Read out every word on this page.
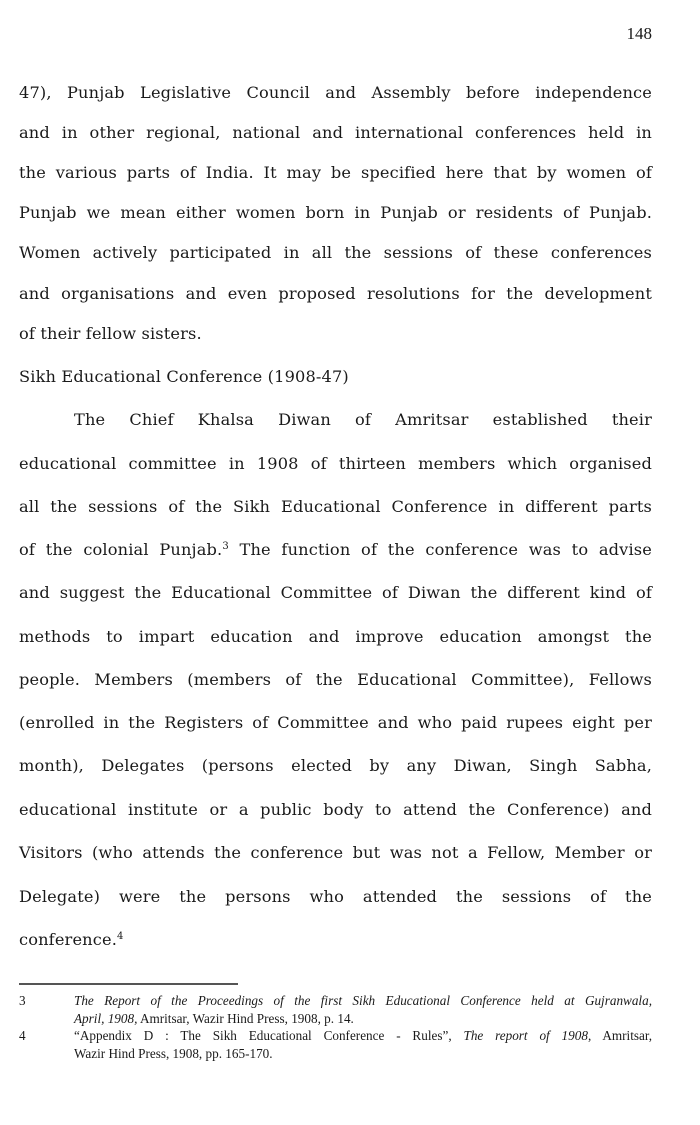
148
47), Punjab Legislative Council and Assembly before independence
and in other regional, national and international conferences held in
the various parts of India. It may be specified here that by women of
Punjab we mean either women born in Punjab or residents of Punjab.
Women actively participated in all the sessions of these conferences
and organisations and even proposed resolutions for the development
of their fellow sisters.
Sikh Educational Conference (1908-47)
The Chief Khalsa Diwan of Amritsar established their
educational committee in 1908 of thirteen members which organised
all the sessions of the Sikh Educational Conference in different parts
of the colonial Punjab.$^3$ The function of the conference was to advise
and suggest the Educational Committee of Diwan the different kind of
methods to impart education and improve education amongst the
people. Members (members of the Educational Committee), Fellows
(enrolled in the Registers of Committee and who paid rupees eight per
month), Delegates (persons elected by any Diwan, Singh Sabha,
educational institute or a public body to attend the Conference) and
Visitors (who attends the conference but was not a Fellow, Member or
Delegate) were the persons who attended the sessions of the
conference.$^4$
3	The Report of the Proceedings of the first Sikh Educational Conference held at Gujranwala,
April, 1908, Amritsar, Wazir Hind Press, 1908, p. 14.
4	“Appendix D : The Sikh Educational Conference - Rules”, The report of 1908, Amritsar,
Wazir Hind Press, 1908, pp. 165-170.
